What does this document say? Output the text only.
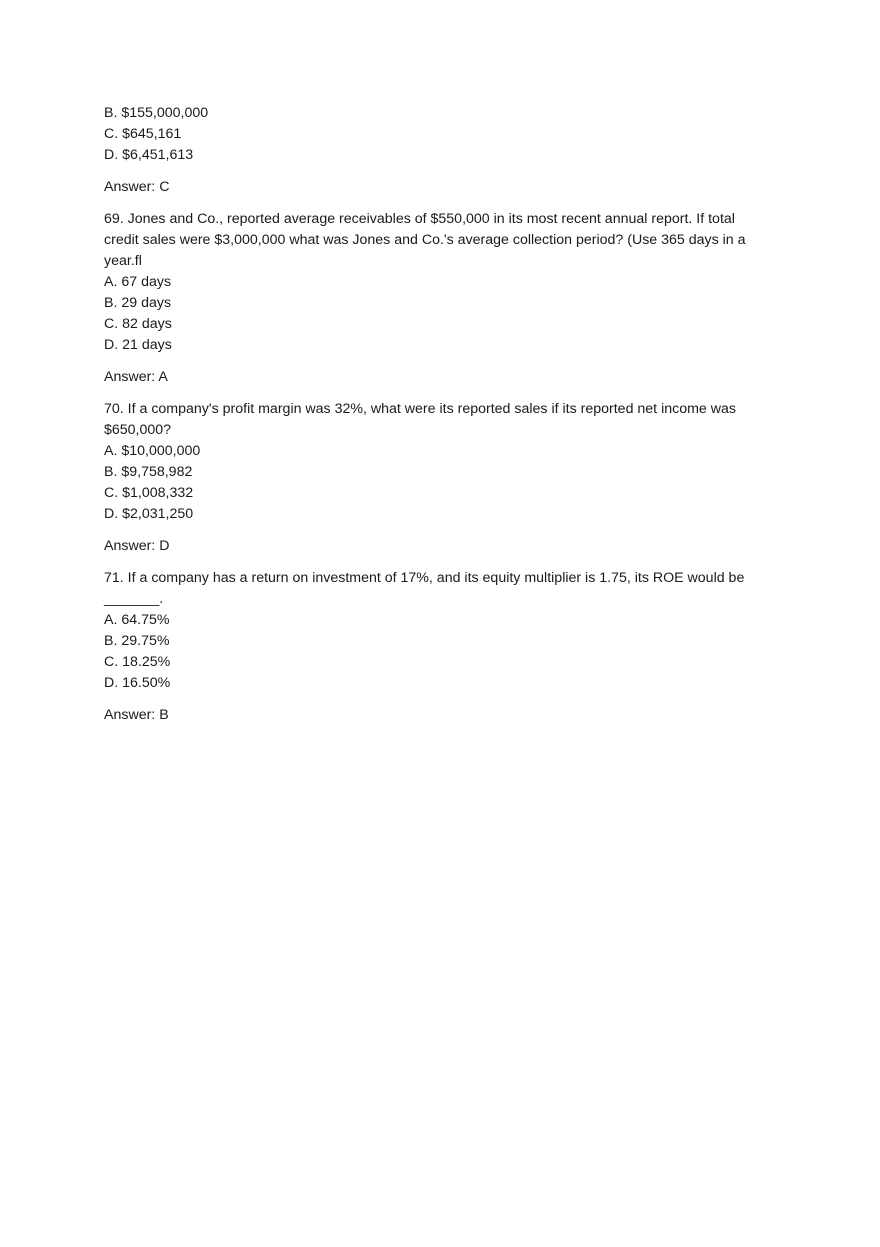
B. $155,000,000
C. $645,161
D. $6,451,613
Answer: C
69. Jones and Co., reported average receivables of $550,000 in its most recent annual report. If total
credit sales were $3,000,000 what was Jones and Co.'s average collection period? (Use 365 days in a
year.fl
A. 67 days
B. 29 days
C. 82 days
D. 21 days
Answer: A
70. If a company's profit margin was 32%, what were its reported sales if its reported net income was
$650,000?
A. $10,000,000
B. $9,758,982
C. $1,008,332
D. $2,031,250
Answer: D
71. If a company has a return on investment of 17%, and its equity multiplier is 1.75, its ROE would be
_______.
A. 64.75%
B. 29.75%
C. 18.25%
D. 16.50%
Answer: B
